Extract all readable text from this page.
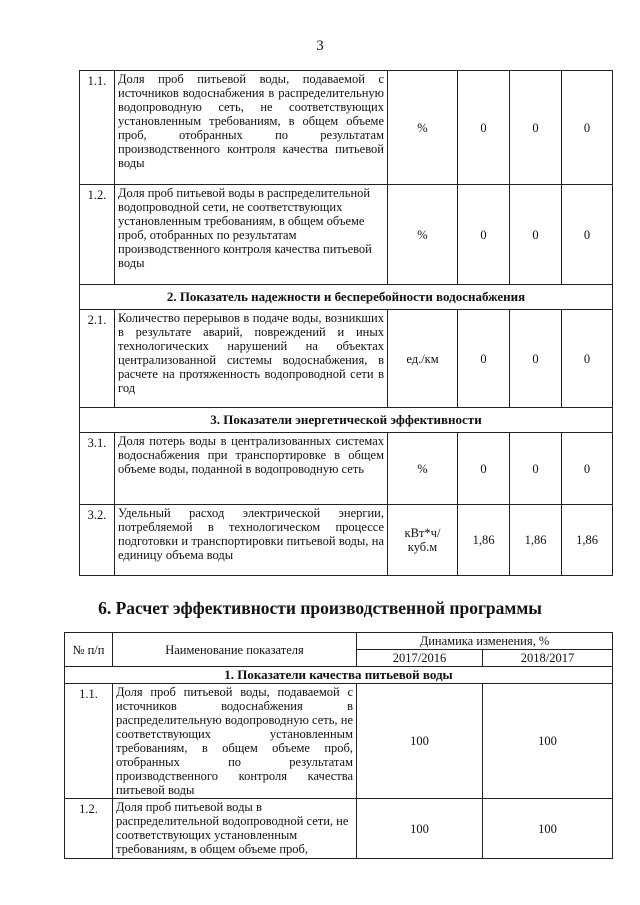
3
1.1.	Доля проб питьевой воды, подаваемой с источников водоснабжения в распределительную водопроводную сеть, не соответствующих установленным требованиям, в общем объеме проб, отобранных по результатам производственного контроля качества питьевой воды	%	0	0	0
1.2.	Доля проб питьевой воды в распределительной водопроводной сети, не соответствующих установленным требованиям, в общем объеме проб, отобранных по результатам производственного контроля качества питьевой воды	%	0	0	0
2. Показатель надежности и бесперебойности водоснабжения					
2.1.	Количество перерывов в подаче воды, возникших в результате аварий, повреждений и иных технологических нарушений на объектах централизованной системы водоснабжения, в расчете на протяженность водопроводной сети в год	ед./км	0	0	0
3. Показатели энергетической эффективности					
3.1.	Доля потерь воды в централизованных системах водоснабжения при транспортировке в общем объеме воды, поданной в водопроводную сеть	%	0	0	0
3.2.	Удельный расход электрической энергии, потребляемой в технологическом процессе подготовки и транспортировки питьевой воды, на единицу объема воды	кВт*ч/ куб.м	1,86	1,86	1,86
6. Расчет эффективности производственной программы
№ п/п	Наименование показателя	Динамика изменения, %	
		2017/2016	2018/2017
1. Показатели качества питьевой воды			
1.1.	Доля проб питьевой воды, подаваемой с источников водоснабжения в распределительную водопроводную сеть, не соответствующих установленным требованиям, в общем объеме проб, отобранных по результатам производственного контроля качества питьевой воды	100	100
1.2.	Доля проб питьевой воды в распределительной водопроводной сети, не соответствующих установленным требованиям, в общем объеме проб,	100	100
